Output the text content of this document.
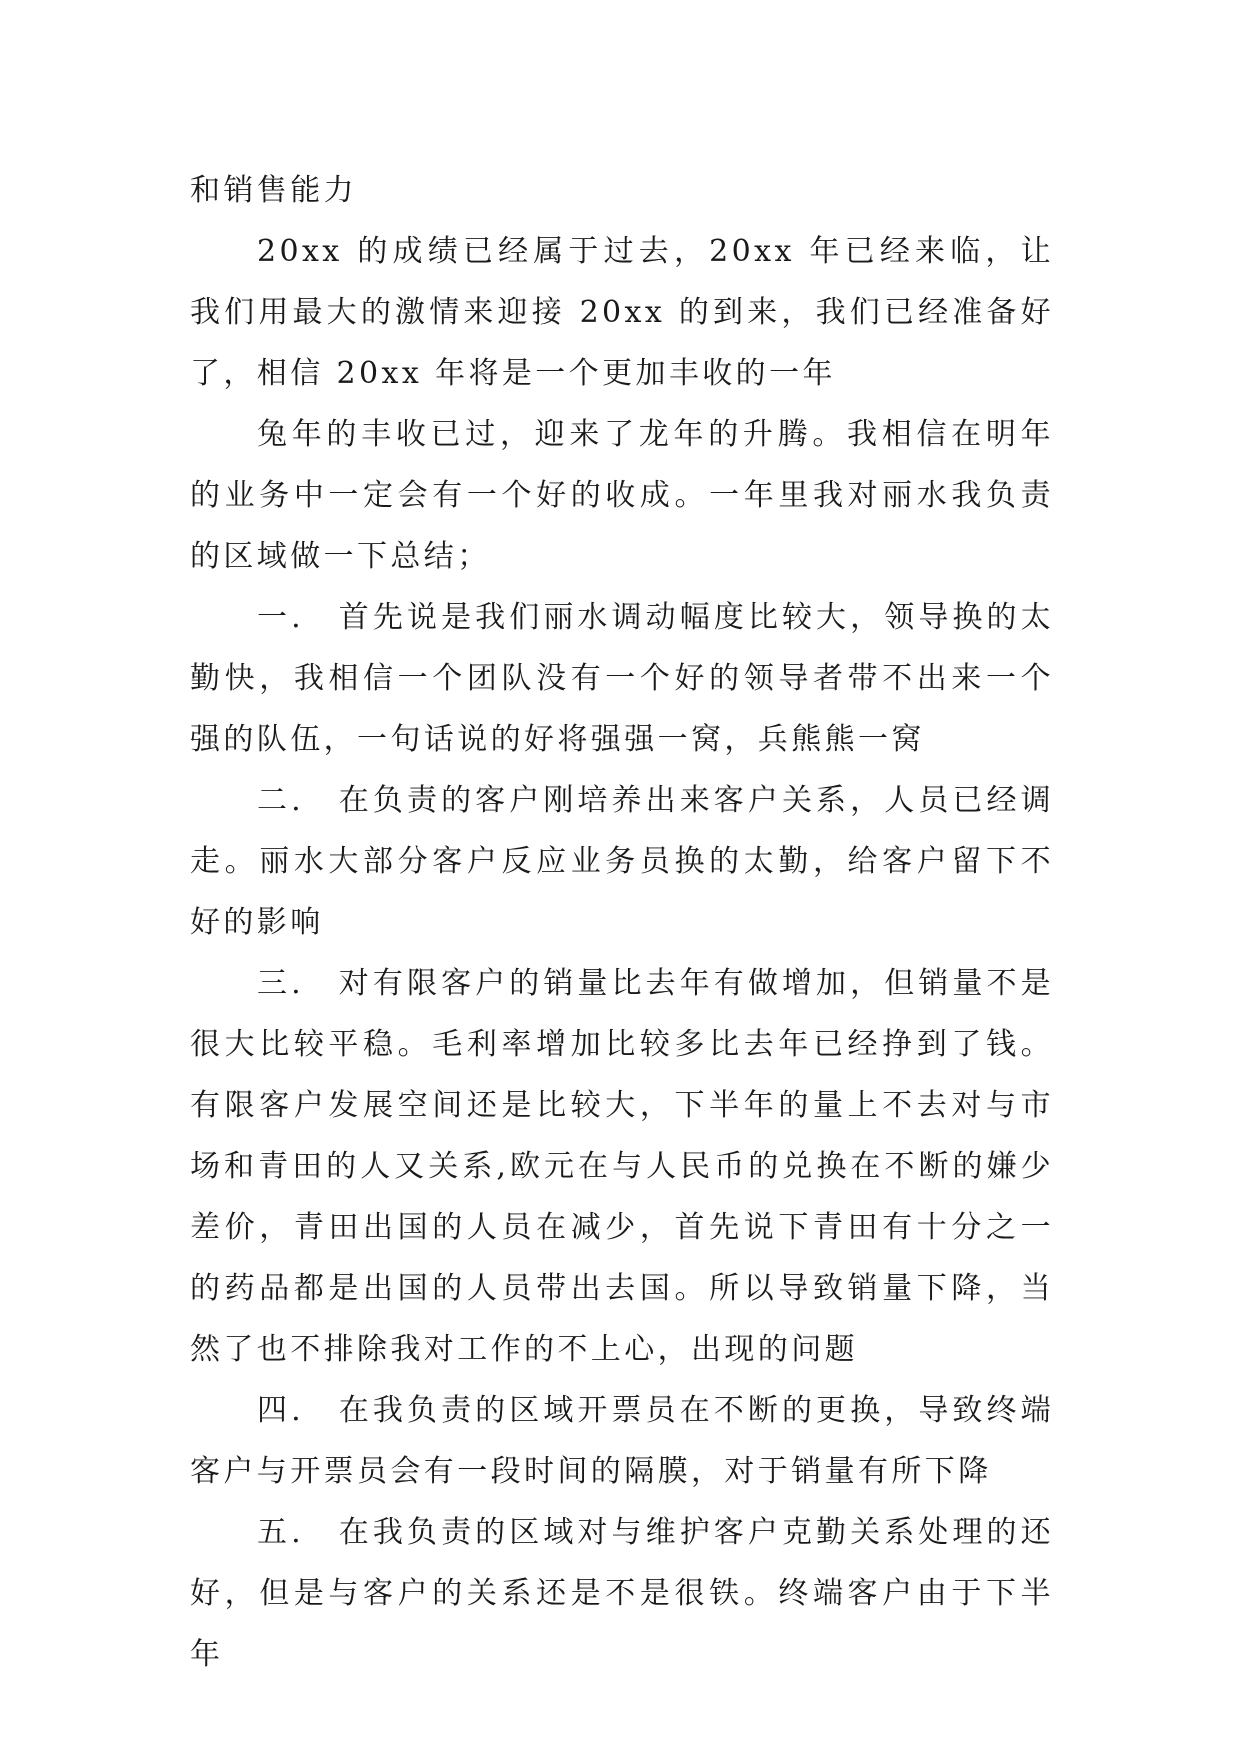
和销售能力

20xx 的成绩已经属于过去，20xx 年已经来临，让我们用最大的激情来迎接 20xx 的到来，我们已经准备好了，相信 20xx 年将是一个更加丰收的一年

兔年的丰收已过，迎来了龙年的升腾。我相信在明年的业务中一定会有一个好的收成。一年里我对丽水我负责的区域做一下总结；

一.　首先说是我们丽水调动幅度比较大，领导换的太勤快，我相信一个团队没有一个好的领导者带不出来一个强的队伍，一句话说的好将强强一窝，兵熊熊一窝

二.　在负责的客户刚培养出来客户关系，人员已经调走。丽水大部分客户反应业务员换的太勤，给客户留下不好的影响

三.　对有限客户的销量比去年有做增加，但销量不是很大比较平稳。毛利率增加比较多比去年已经挣到了钱。有限客户发展空间还是比较大，下半年的量上不去对与市场和青田的人又关系,欧元在与人民币的兑换在不断的嫌少差价，青田出国的人员在减少，首先说下青田有十分之一的药品都是出国的人员带出去国。所以导致销量下降，当然了也不排除我对工作的不上心，出现的问题

四.　在我负责的区域开票员在不断的更换，导致终端客户与开票员会有一段时间的隔膜，对于销量有所下降

五.　在我负责的区域对与维护客户克勤关系处理的还好，但是与客户的关系还是不是很铁。终端客户由于下半年
